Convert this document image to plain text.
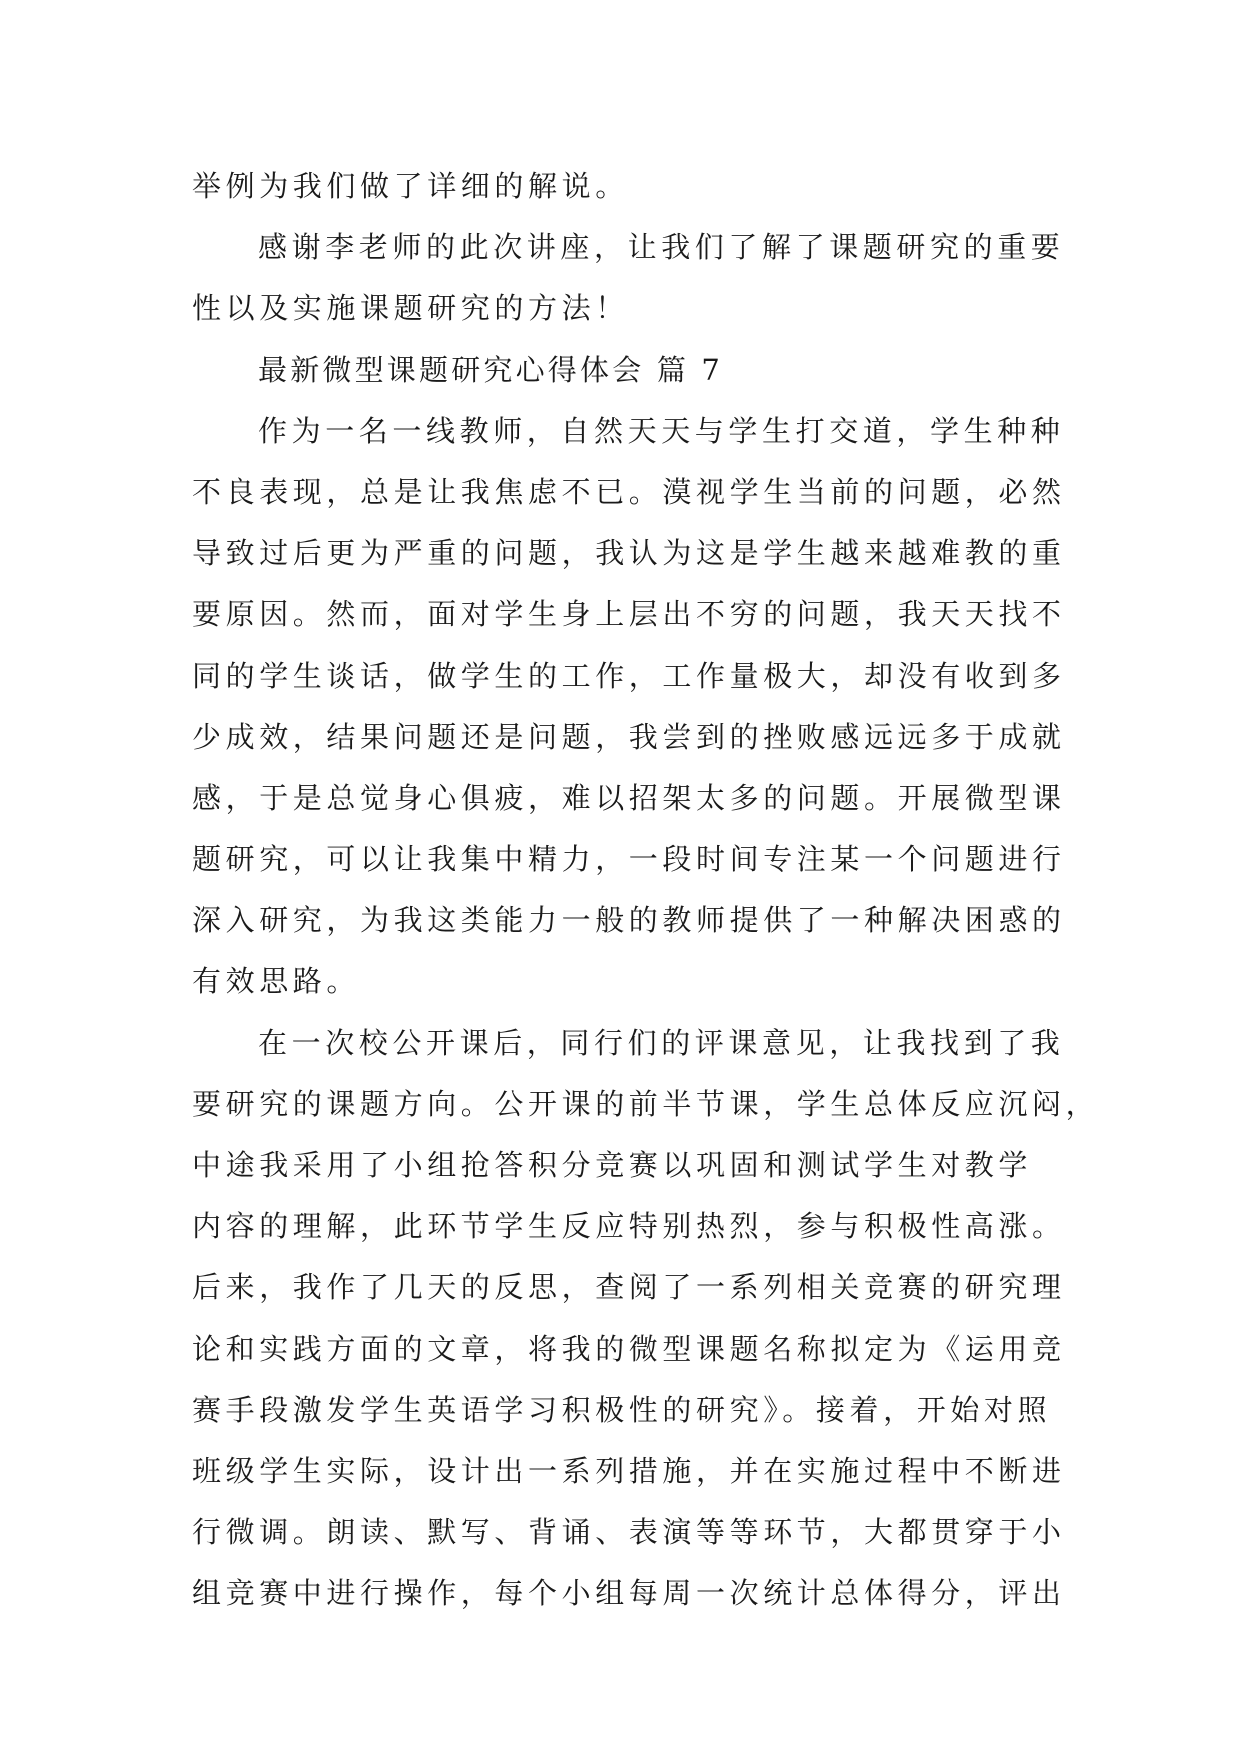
举例为我们做了详细的解说。
感谢李老师的此次讲座，让我们了解了课题研究的重要
性以及实施课题研究的方法！
最新微型课题研究心得体会 篇 7
作为一名一线教师，自然天天与学生打交道，学生种种
不良表现，总是让我焦虑不已。漠视学生当前的问题，必然
导致过后更为严重的问题，我认为这是学生越来越难教的重
要原因。然而，面对学生身上层出不穷的问题，我天天找不
同的学生谈话，做学生的工作，工作量极大，却没有收到多
少成效，结果问题还是问题，我尝到的挫败感远远多于成就
感，于是总觉身心俱疲，难以招架太多的问题。开展微型课
题研究，可以让我集中精力，一段时间专注某一个问题进行
深入研究，为我这类能力一般的教师提供了一种解决困惑的
有效思路。
在一次校公开课后，同行们的评课意见，让我找到了我
要研究的课题方向。公开课的前半节课，学生总体反应沉闷，
中途我采用了小组抢答积分竞赛以巩固和测试学生对教学
内容的理解，此环节学生反应特别热烈，参与积极性高涨。
后来，我作了几天的反思，查阅了一系列相关竞赛的研究理
论和实践方面的文章，将我的微型课题名称拟定为《运用竞
赛手段激发学生英语学习积极性的研究》。接着，开始对照
班级学生实际，设计出一系列措施，并在实施过程中不断进
行微调。朗读、默写、背诵、表演等等环节，大都贯穿于小
组竞赛中进行操作，每个小组每周一次统计总体得分，评出
